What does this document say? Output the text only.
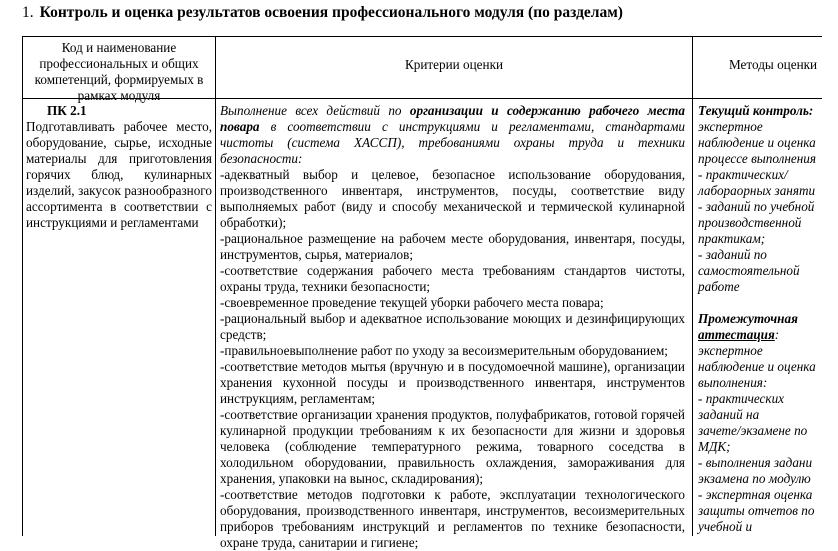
1. Контроль и оценка результатов освоения профессионального модуля (по разделам)
Код и наименование профессиональных и общих компетенций, формируемых в рамках модуля
Критерии оценки	Методы оценки
ПК 2.1
Подготавливать рабочее место, оборудование, сырье, исходные материалы для приготовления горячих блюд, кулинарных изделий, закусок разнообразного ассортимента в соответствии с инструкциями и регламентами

Выполнение всех действий по организации и содержанию рабочего места повара в соответствии с инструкциями и регламентами, стандартами чистоты (система ХАССП), требованиями охраны труда и техники безопасности:

-адекватный выбор и целевое, безопасное использование оборудования, производственного инвентаря, инструментов, посуды, соответствие виду выполняемых работ (виду и способу механической и термической кулинарной обработки);

-рациональное размещение на рабочем месте оборудования, инвентаря, посуды, инструментов, сырья, материалов;

-соответствие содержания рабочего места требованиям стандартов чистоты, охраны труда, техники безопасности;

-своевременное проведение текущей уборки рабочего места повара;

-рациональный выбор и адекватное использование моющих и дезинфицирующих средств;

-правильноевыполнение работ по уходу за весоизмерительным оборудованием;

-соответствие методов мытья (вручную и в посудомоечной машине), организации хранения кухонной посуды и производственного инвентаря, инструментов инструкциям, регламентам;

-соответствие организации хранения продуктов, полуфабрикатов, готовой горячей кулинарной продукции требованиям к их безопасности для жизни и здоровья человека (соблюдение температурного режима, товарного соседства в холодильном оборудовании, правильность охлаждения, замораживания для хранения, упаковки на вынос, складирования);

-соответствие методов подготовки к работе, эксплуатации технологического оборудования, производственного инвентаря, инструментов, весоизмерительных приборов требованиям инструкций и регламентов по технике безопасности, охране труда, санитарии и гигиене;

Текущий контроль:

экспертное

наблюдение и оценка

процессе выполнения

- практических/

лабораорных заняти

- заданий по учебной

производственной

практикам;

- заданий по

самостоятельной

работе

Промежуточная

аттестация:

экспертное

наблюдение и оценка

выполнения:

- практических

заданий на

зачете/экзамене по

МДК;

- выполнения задани

экзамена по модулю

- экспертная оценка

защиты отчетов по

учебной и
